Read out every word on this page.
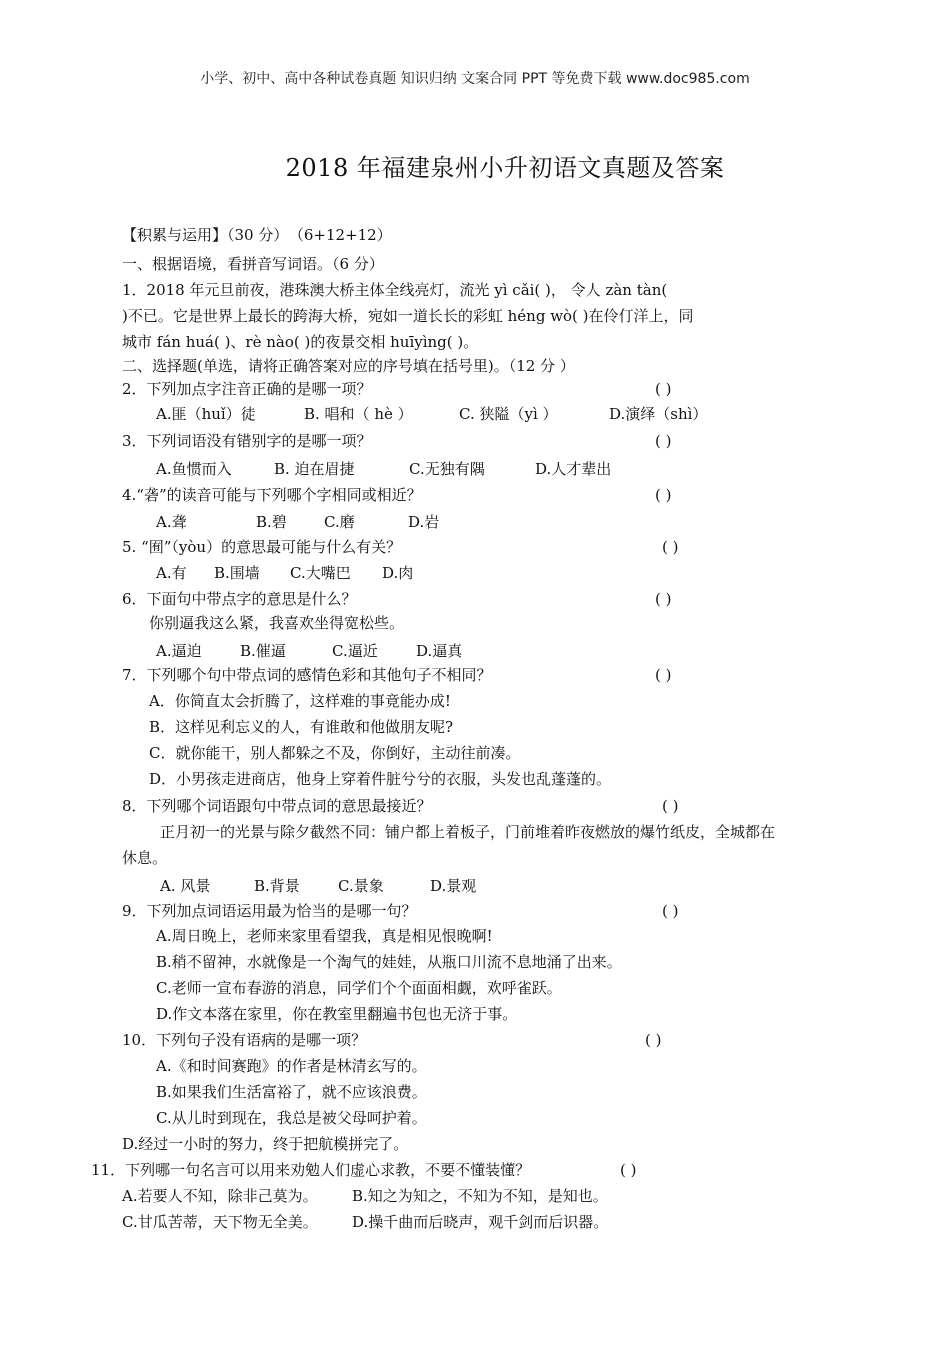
小学、初中、高中各种试卷真题 知识归纳 文案合同 PPT 等免费下载 www.doc985.com
2018 年福建泉州小升初语文真题及答案
【积累与运用】（30 分） （6+12+12）
一、根据语境，看拼音写词语。（6 分）
1．2018 年元旦前夜，港珠澳大桥主体全线亮灯，流光 yì cǎi( )， 令人 zàn tàn(
)不已。它是世界上最长的跨海大桥，宛如一道长长的彩虹 héng wò( )在伶仃洋上，同
城市 fán huá( )、rè nào( )的夜景交相 huīyìng( )。
二、选择题(单选，请将正确答案对应的序号填在括号里)。（12 分 ）
2．下列加点字注音正确的是哪一项？	( )
A.匪（huǐ）徒	B. 唱和（ hè ）	C. 狭隘（yì ）	D.演绎（shì）
3．下列词语没有错别字的是哪一项？	( )
A.鱼惯而入	B. 迫在眉捷	C.无独有隅	D.人才辈出
4.“砻”的读音可能与下列哪个字相同或相近？	( )
A.聋	B.碧 C.磨	D.岩
5. “囿”（yòu）的意思最可能与什么有关？	( )
A.有 B.围墙 C.大嘴巴 D.肉
6．下面句中带点字的意思是什么？	( )
你别逼我这么紧，我喜欢坐得宽松些。
A.逼迫	B.催逼	C.逼近	D.逼真
7．下列哪个句中带点词的感情色彩和其他句子不相同？	( )
A．你简直太会折腾了，这样难的事竟能办成!
B．这样见利忘义的人，有谁敢和他做朋友呢?
C．就你能干，别人都躲之不及，你倒好，主动往前凑。
D．小男孩走进商店，他身上穿着件脏兮兮的衣服，头发也乱蓬蓬的。
8．下列哪个词语跟句中带点词的意思最接近？	( )
正月初一的光景与除夕截然不同：铺户都上着板子，门前堆着昨夜燃放的爆竹纸皮，全城都在
休息。
A. 风景	B.背景	C.景象	D.景观
9．下列加点词语运用最为恰当的是哪一句？	( )
A.周日晚上，老师来家里看望我，真是相见恨晚啊!
B.稍不留神，水就像是一个淘气的娃娃，从瓶口川流不息地涌了出来。
C.老师一宣布春游的消息，同学们个个面面相觑，欢呼雀跃。
D.作文本落在家里，你在教室里翻遍书包也无济于事。
10．下列句子没有语病的是哪一项？	( )
A.《和时间赛跑》的作者是林清玄写的。
B.如果我们生活富裕了，就不应该浪费。
C.从儿时到现在，我总是被父母呵护着。
D.经过一小时的努力，终于把航模拼完了。
11．下列哪一句名言可以用来劝勉人们虚心求教，不要不懂装懂？	( )
A.若要人不知，除非己莫为。 B.知之为知之，不知为不知，是知也。
C.甘瓜苦蒂，天下物无全美。 D.操千曲而后晓声，观千剑而后识器。
